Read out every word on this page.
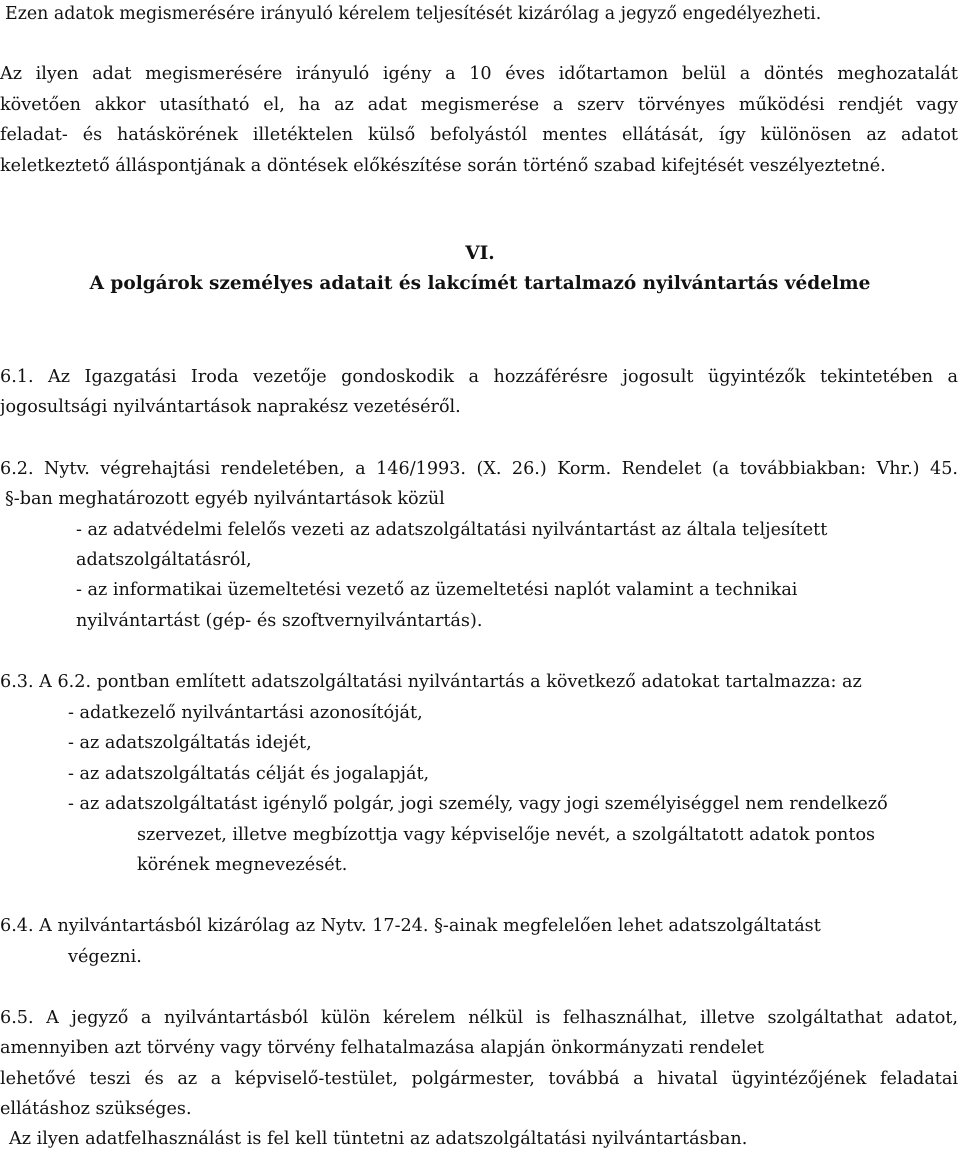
Ezen adatok megismerésére irányuló kérelem teljesítését kizárólag a jegyző engedélyezheti.
Az ilyen adat megismerésére irányuló igény a 10 éves időtartamon belül a döntés meghozatalát
követően akkor utasítható el, ha az adat megismerése a szerv törvényes működési rendjét vagy
feladat- és hatáskörének illetéktelen külső befolyástól mentes ellátását, így különösen az adatot
keletkeztető álláspontjának a döntések előkészítése során történő szabad kifejtését veszélyeztetné.
VI.
A polgárok személyes adatait és lakcímét tartalmazó nyilvántartás védelme
6.1. Az Igazgatási Iroda vezetője gondoskodik a hozzáférésre jogosult ügyintézők tekintetében a
jogosultsági nyilvántartások naprakész vezetéséről.
6.2. Nytv. végrehajtási rendeletében, a 146/1993. (X. 26.) Korm. Rendelet (a továbbiakban: Vhr.) 45.
§-ban meghatározott egyéb nyilvántartások közül
- az adatvédelmi felelős vezeti az adatszolgáltatási nyilvántartást az általa teljesített
adatszolgáltatásról,
- az informatikai üzemeltetési vezető az üzemeltetési naplót valamint a technikai
nyilvántartást (gép- és szoftvernyilvántartás).
6.3. A 6.2. pontban említett adatszolgáltatási nyilvántartás a következő adatokat tartalmazza: az
- adatkezelő nyilvántartási azonosítóját,
- az adatszolgáltatás idejét,
- az adatszolgáltatás célját és jogalapját,
- az adatszolgáltatást igénylő polgár, jogi személy, vagy jogi személyiséggel nem rendelkező
szervezet, illetve megbízottja vagy képviselője nevét, a szolgáltatott adatok pontos
körének megnevezését.
6.4. A nyilvántartásból kizárólag az Nytv. 17-24. §-ainak megfelelően lehet adatszolgáltatást
végezni.
6.5. A jegyző a nyilvántartásból külön kérelem nélkül is felhasználhat, illetve szolgáltathat adatot,
amennyiben azt törvény vagy törvény felhatalmazása alapján önkormányzati rendelet
lehetővé teszi és az a képviselő-testület, polgármester, továbbá a hivatal ügyintézőjének feladatai
ellátáshoz szükséges.
Az ilyen adatfelhasználást is fel kell tüntetni az adatszolgáltatási nyilvántartásban.
